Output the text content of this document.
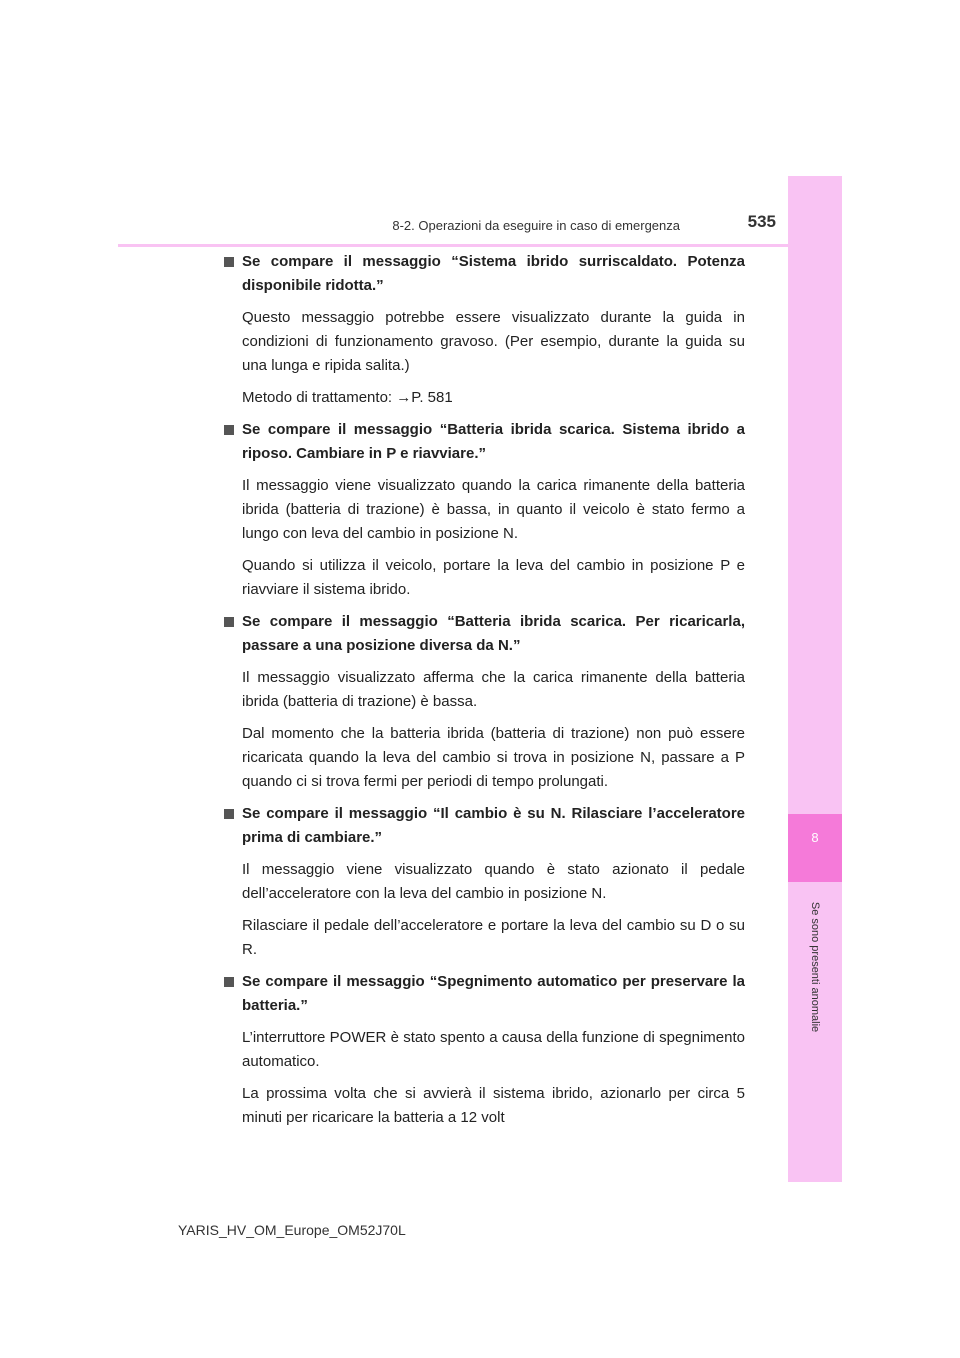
8
Se sono presenti anomalie
8-2. Operazioni da eseguire in caso di emergenza	535

Se compare il messaggio “Sistema ibrido surriscaldato. Potenza disponibile ridotta.”

Questo messaggio potrebbe essere visualizzato durante la guida in condizioni di funzionamento gravoso. (Per esempio, durante la guida su una lunga e ripida salita.)

Metodo di trattamento: →P. 581

Se compare il messaggio “Batteria ibrida scarica. Sistema ibrido a riposo. Cambiare in P e riavviare.”

Il messaggio viene visualizzato quando la carica rimanente della batteria ibrida (batteria di trazione) è bassa, in quanto il veicolo è stato fermo a lungo con leva del cambio in posizione N.

Quando si utilizza il veicolo, portare la leva del cambio in posizione P e riavviare il sistema ibrido.

Se compare il messaggio “Batteria ibrida scarica. Per ricaricarla, passare a una posizione diversa da N.”

Il messaggio visualizzato afferma che la carica rimanente della batteria ibrida (batteria di trazione) è bassa.

Dal momento che la batteria ibrida (batteria di trazione) non può essere ricaricata quando la leva del cambio si trova in posizione N, passare a P quando ci si trova fermi per periodi di tempo prolungati.

Se compare il messaggio “Il cambio è su N. Rilasciare l’acceleratore prima di cambiare.”

Il messaggio viene visualizzato quando è stato azionato il pedale dell’acceleratore con la leva del cambio in posizione N.

Rilasciare il pedale dell’acceleratore e portare la leva del cambio su D o su R.

Se compare il messaggio “Spegnimento automatico per preservare la batteria.”

L’interruttore POWER è stato spento a causa della funzione di spegnimento automatico.

La prossima volta che si avvierà il sistema ibrido, azionarlo per circa 5 minuti per ricaricare la batteria a 12 volt

YARIS_HV_OM_Europe_OM52J70L
